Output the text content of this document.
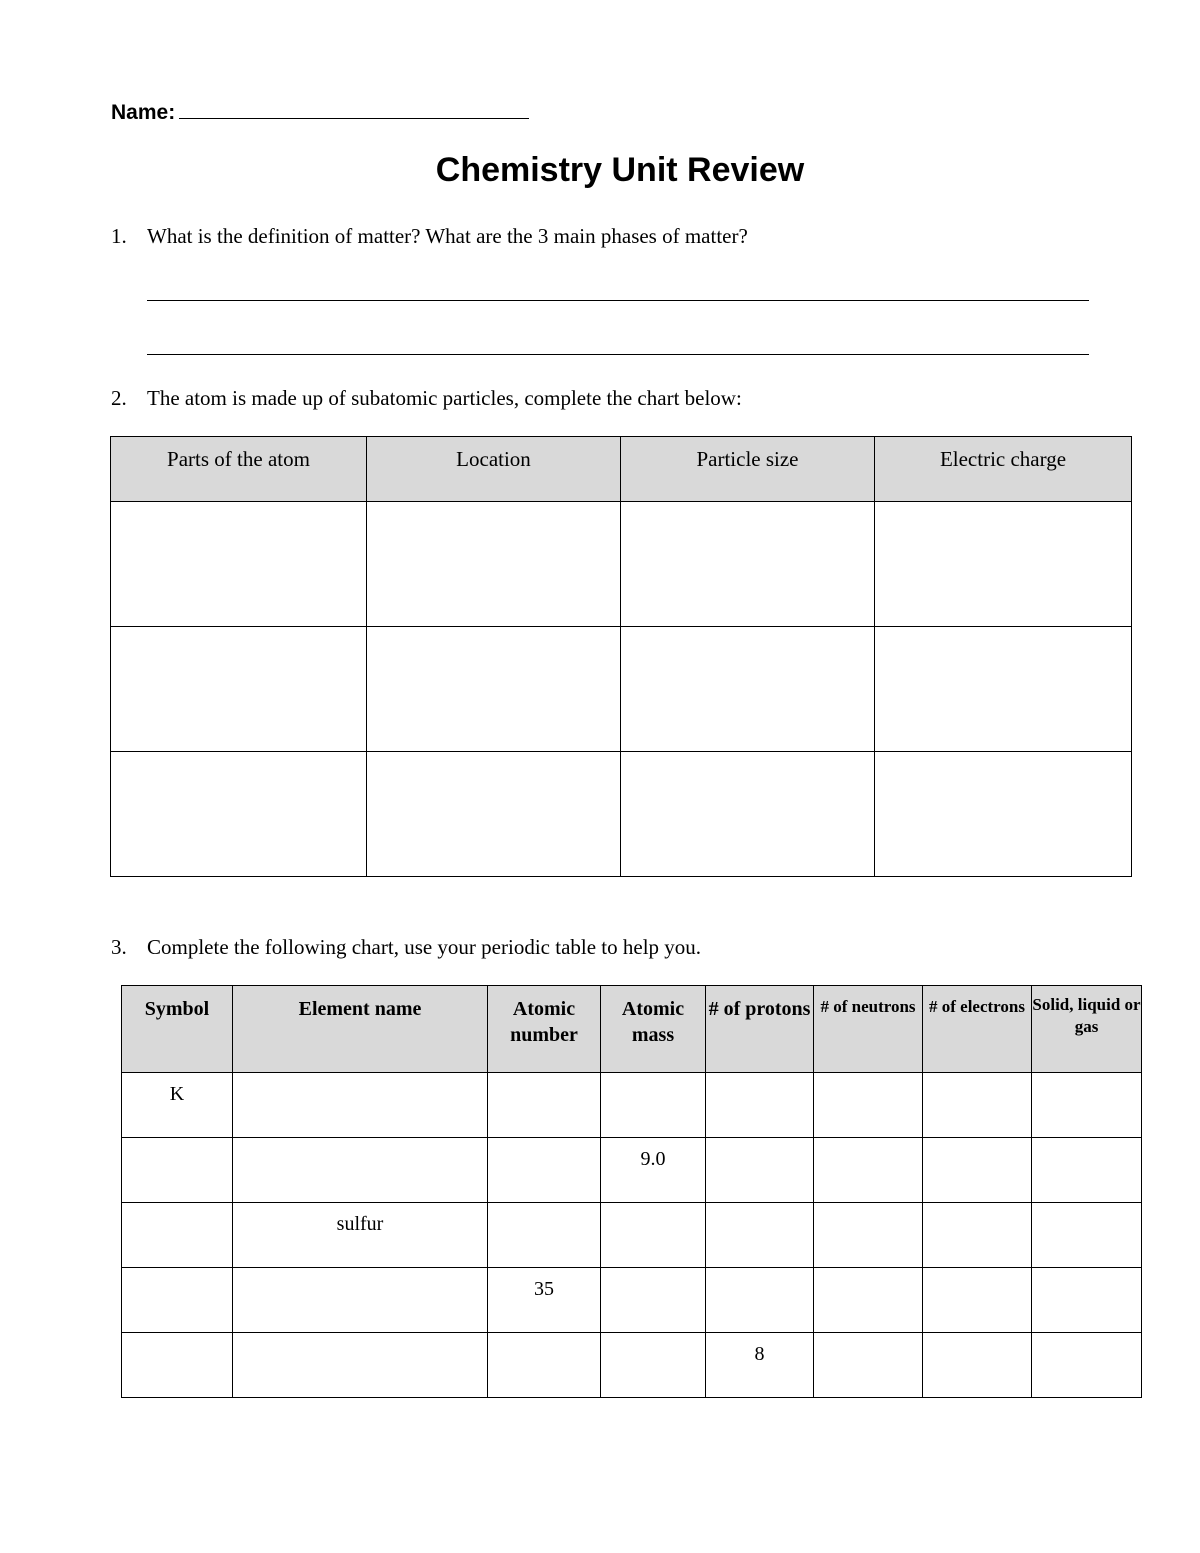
Name:
Chemistry Unit Review
1. What is the definition of matter? What are the 3 main phases of matter?
2. The atom is made up of subatomic particles, complete the chart below:
Parts of the atom	Location	Particle size	Electric charge

3. Complete the following chart, use your periodic table to help you.
Symbol	Element name	Atomic number	Atomic mass	# of protons	# of neutrons	# of electrons	Solid, liquid or gas
K							
			9.0				
	sulfur						
		35					
				8			
